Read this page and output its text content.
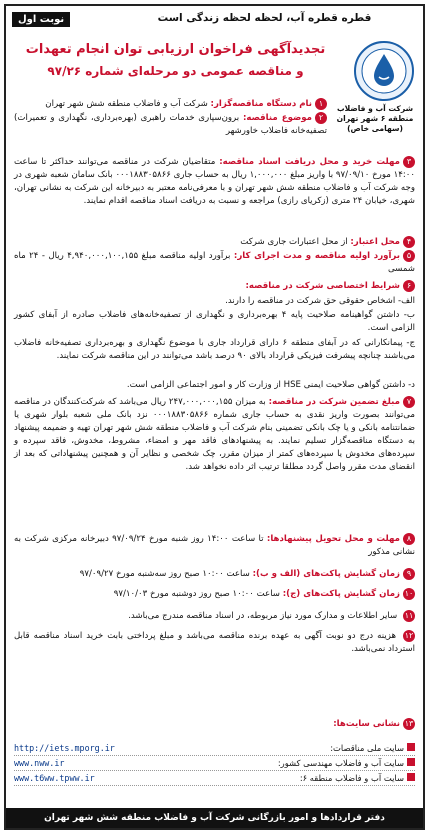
قطره قطره آب، لحظه لحظه زندگی است
نوبت اول
شرکت آب و فاضلاب منطقه ۶ شهر تهران (سهامی خاص)
تجدیدآگهی فراخوان ارزیابی توان انجام تعهدات
و مناقصه عمومی دو مرحله‌ای شماره ۹۷/۲۶
۱نام دستگاه مناقصه‌گزار: شرکت آب و فاضلاب منطقه شش شهر تهران
۲موضوع مناقصه: برون‌سپاری خدمات راهبری (بهره‌برداری، نگهداری و تعمیرات) تصفیه‌خانه فاضلاب خاورشهر
۳مهلت خرید و محل دریافت اسناد مناقصه: متقاضیان شرکت در مناقصه می‌توانند حداکثر تا ساعت ۱۴:۰۰ مورخ ۹۷/۰۹/۱۰ با واریز مبلغ ۱,۰۰۰,۰۰۰ ریال به حساب جاری ۰۰۰۱۸۸۳۰۵۸۶۶ بانک سامان شعبه شهری در وجه شرکت آب و فاضلاب منطقه شش شهر تهران و با معرفی‌نامه معتبر به دبیرخانه این شرکت به نشانی تهران، شهری، خیابان ۲۴ متری (زکریای رازی) مراجعه و نسبت به دریافت اسناد مناقصه اقدام نمایند.
۴محل اعتبار: از محل اعتبارات جاری شرکت
۵برآورد اولیه مناقصه و مدت اجرای کار: برآورد اولیه مناقصه مبلغ ۴,۹۴۰,۰۰۰,۱۰۰,۱۵۵ ریال - ۲۴ ماه شمسی
۶شرایط اختصاصی شرکت در مناقصه:
الف- اشخاص حقوقی حق شرکت در مناقصه را دارند.
ب- داشتن گواهینامه صلاحیت پایه ۴ بهره‌برداری و نگهداری از تصفیه‌خانه‌های فاضلاب صادره از آبفای کشور الزامی است.
ج- پیمانکارانی که در آبفای منطقه ۶ دارای قرارداد جاری با موضوع نگهداری و بهره‌برداری تصفیه‌خانه فاضلاب می‌باشند چنانچه پیشرفت فیزیکی قرارداد بالای ۹۰ درصد باشد می‌توانند در این مناقصه شرکت نمایند.
د- داشتن گواهی صلاحیت ایمنی HSE از وزارت کار و امور اجتماعی الزامی است.
۷مبلغ تضمین شرکت در مناقصه: به میزان ۲۴۷,۰۰۰,۰۰۰,۱۵۵ ریال می‌باشد که شرکت‌کنندگان در مناقصه می‌توانند بصورت واریز نقدی به حساب جاری شماره ۰۰۰۱۸۸۳۰۵۸۶۶ نزد بانک ملی شعبه بلوار شهری یا ضمانتنامه بانکی و یا چک بانکی تضمینی بنام شرکت آب و فاضلاب منطقه شش شهر تهران تهیه و ضمیمه پیشنهاد به دستگاه مناقصه‌گزار تسلیم نمایند. به پیشنهادهای فاقد مهر و امضاء، مشروط، مخدوش، فاقد سپرده و سپرده‌های مخدوش یا سپرده‌های کمتر از میزان مقرر، چک شخصی و نظایر آن و همچنین پیشنهاداتی که بعد از انقضای مدت مقرر واصل گردد مطلقا ترتیب اثر داده نخواهد شد.
۸مهلت و محل تحویل پیشنهادها: تا ساعت ۱۴:۰۰ روز شنبه مورخ ۹۷/۰۹/۲۴ دبیرخانه مرکزی شرکت به نشانی مذکور
۹زمان گشایش پاکت‌های (الف و ب): ساعت ۱۰:۰۰ صبح روز سه‌شنبه مورخ ۹۷/۰۹/۲۷
۱۰زمان گشایش پاکت‌های (ج): ساعت ۱۰:۰۰ صبح روز دوشنبه مورخ ۹۷/۱۰/۰۳
۱۱ سایر اطلاعات و مدارک مورد نیاز مربوطه، در اسناد مناقصه مندرج می‌باشد.
۱۲ هزینه درج دو نوبت آگهی به عهده برنده مناقصه می‌باشد و مبلغ پرداختی بابت خرید اسناد مناقصه قابل استرداد نمی‌باشد.
۱۳نشانی سایت‌ها:
سایت ملی مناقصات:
http://iets.mporg.ir
سایت آب و فاضلاب مهندسی کشور:
www.nww.ir
سایت آب و فاضلاب منطقه ۶:
www.t6ww.tpww.ir
دفتر قراردادها و امور بازرگانی شرکت آب و فاضلاب منطقه شش شهر تهران
